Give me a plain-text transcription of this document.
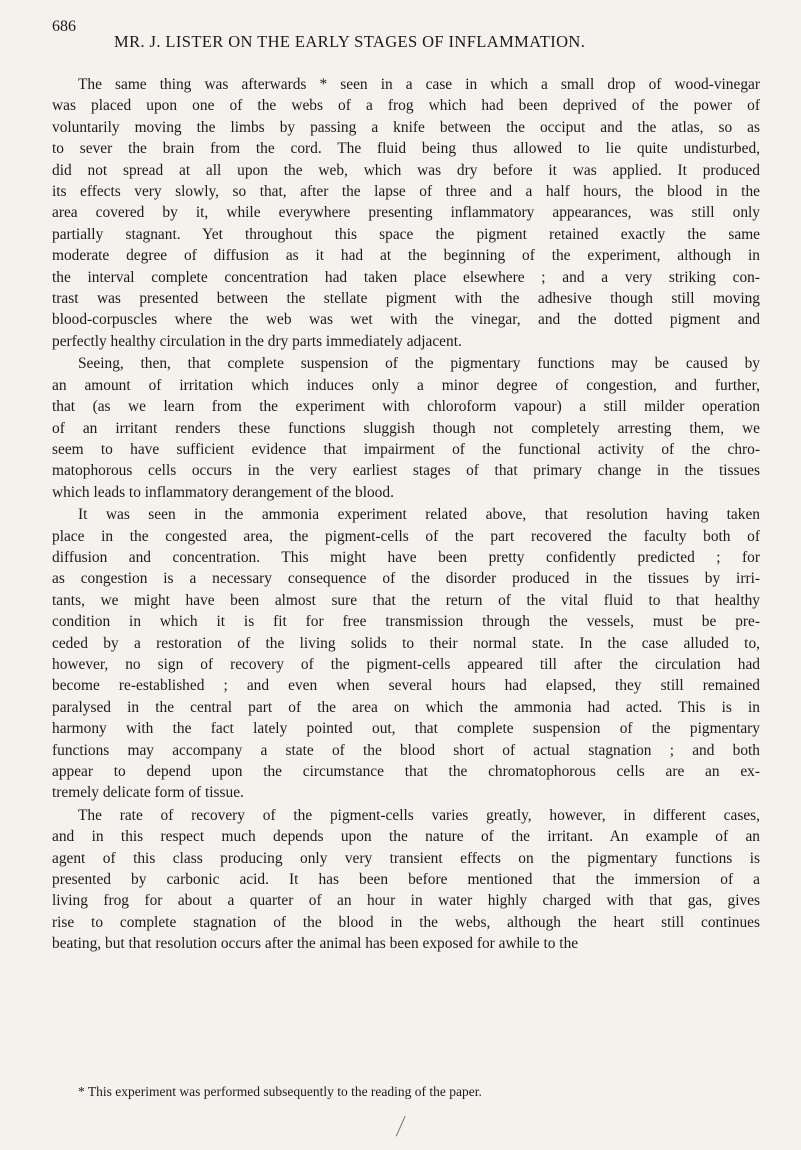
686
MR. J. LISTER ON THE EARLY STAGES OF INFLAMMATION.

The same thing was afterwards * seen in a case in which a small drop of wood-vinegar
was placed upon one of the webs of a frog which had been deprived of the power of
voluntarily moving the limbs by passing a knife between the occiput and the atlas, so as
to sever the brain from the cord. The fluid being thus allowed to lie quite undisturbed,
did not spread at all upon the web, which was dry before it was applied. It produced
its effects very slowly, so that, after the lapse of three and a half hours, the blood in the
area covered by it, while everywhere presenting inflammatory appearances, was still only
partially stagnant. Yet throughout this space the pigment retained exactly the same
moderate degree of diffusion as it had at the beginning of the experiment, although in
the interval complete concentration had taken place elsewhere ; and a very striking con-
trast was presented between the stellate pigment with the adhesive though still moving
blood-corpuscles where the web was wet with the vinegar, and the dotted pigment and
perfectly healthy circulation in the dry parts immediately adjacent.

Seeing, then, that complete suspension of the pigmentary functions may be caused by
an amount of irritation which induces only a minor degree of congestion, and further,
that (as we learn from the experiment with chloroform vapour) a still milder operation
of an irritant renders these functions sluggish though not completely arresting them, we
seem to have sufficient evidence that impairment of the functional activity of the chro-
matophorous cells occurs in the very earliest stages of that primary change in the tissues
which leads to inflammatory derangement of the blood.

It was seen in the ammonia experiment related above, that resolution having taken
place in the congested area, the pigment-cells of the part recovered the faculty both of
diffusion and concentration. This might have been pretty confidently predicted ; for
as congestion is a necessary consequence of the disorder produced in the tissues by irri-
tants, we might have been almost sure that the return of the vital fluid to that healthy
condition in which it is fit for free transmission through the vessels, must be pre-
ceded by a restoration of the living solids to their normal state. In the case alluded to,
however, no sign of recovery of the pigment-cells appeared till after the circulation had
become re-established ; and even when several hours had elapsed, they still remained
paralysed in the central part of the area on which the ammonia had acted. This is in
harmony with the fact lately pointed out, that complete suspension of the pigmentary
functions may accompany a state of the blood short of actual stagnation ; and both
appear to depend upon the circumstance that the chromatophorous cells are an ex-
tremely delicate form of tissue.

The rate of recovery of the pigment-cells varies greatly, however, in different cases,
and in this respect much depends upon the nature of the irritant. An example of an
agent of this class producing only very transient effects on the pigmentary functions is
presented by carbonic acid. It has been before mentioned that the immersion of a
living frog for about a quarter of an hour in water highly charged with that gas, gives
rise to complete stagnation of the blood in the webs, although the heart still continues
beating, but that resolution occurs after the animal has been exposed for awhile to the

* This experiment was performed subsequently to the reading of the paper.
